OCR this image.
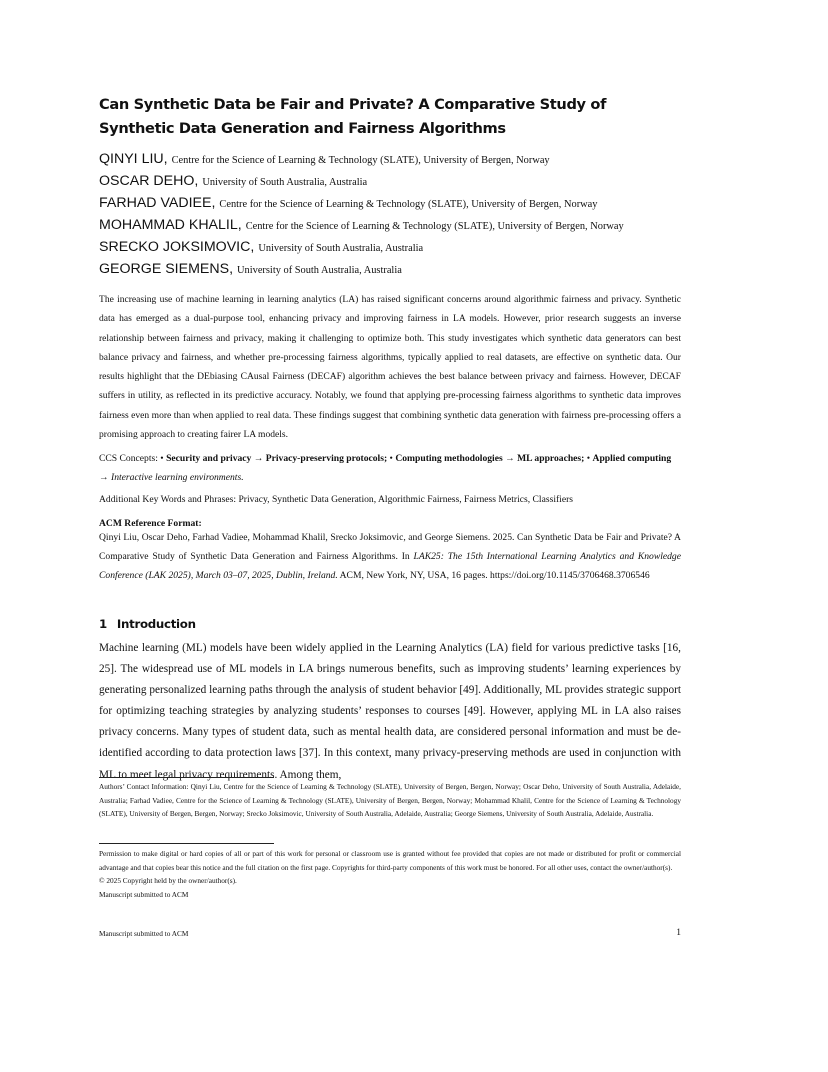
Can Synthetic Data be Fair and Private? A Comparative Study of Synthetic Data Generation and Fairness Algorithms
QINYI LIU, Centre for the Science of Learning & Technology (SLATE), University of Bergen, Norway
OSCAR DEHO, University of South Australia, Australia
FARHAD VADIEE, Centre for the Science of Learning & Technology (SLATE), University of Bergen, Norway
MOHAMMAD KHALIL, Centre for the Science of Learning & Technology (SLATE), University of Bergen, Norway
SRECKO JOKSIMOVIC, University of South Australia, Australia
GEORGE SIEMENS, University of South Australia, Australia

The increasing use of machine learning in learning analytics (LA) has raised significant concerns around algorithmic fairness and privacy. Synthetic data has emerged as a dual-purpose tool, enhancing privacy and improving fairness in LA models. However, prior research suggests an inverse relationship between fairness and privacy, making it challenging to optimize both. This study investigates which synthetic data generators can best balance privacy and fairness, and whether pre-processing fairness algorithms, typically applied to real datasets, are effective on synthetic data. Our results highlight that the DEbiasing CAusal Fairness (DECAF) algorithm achieves the best balance between privacy and fairness. However, DECAF suffers in utility, as reflected in its predictive accuracy. Notably, we found that applying pre-processing fairness algorithms to synthetic data improves fairness even more than when applied to real data. These findings suggest that combining synthetic data generation with fairness pre-processing offers a promising approach to creating fairer LA models.

CCS Concepts: • Security and privacy → Privacy-preserving protocols; • Computing methodologies → ML approaches; • Applied computing → Interactive learning environments.

Additional Key Words and Phrases: Privacy, Synthetic Data Generation, Algorithmic Fairness, Fairness Metrics, Classifiers

ACM Reference Format:

Qinyi Liu, Oscar Deho, Farhad Vadiee, Mohammad Khalil, Srecko Joksimovic, and George Siemens. 2025. Can Synthetic Data be Fair and Private? A Comparative Study of Synthetic Data Generation and Fairness Algorithms. In LAK25: The 15th International Learning Analytics and Knowledge Conference (LAK 2025), March 03–07, 2025, Dublin, Ireland. ACM, New York, NY, USA, 16 pages. https://doi.org/10.1145/3706468.3706546

1 Introduction

Machine learning (ML) models have been widely applied in the Learning Analytics (LA) field for various predictive tasks [16, 25]. The widespread use of ML models in LA brings numerous benefits, such as improving students’ learning experiences by generating personalized learning paths through the analysis of student behavior [49]. Additionally, ML provides strategic support for optimizing teaching strategies by analyzing students’ responses to courses [49]. However, applying ML in LA also raises privacy concerns. Many types of student data, such as mental health data, are considered personal information and must be de-identified according to data protection laws [37]. In this context, many privacy-preserving methods are used in conjunction with ML to meet legal privacy requirements. Among them,

Authors’ Contact Information: Qinyi Liu, Centre for the Science of Learning & Technology (SLATE), University of Bergen, Bergen, Norway; Oscar Deho, University of South Australia, Adelaide, Australia; Farhad Vadiee, Centre for the Science of Learning & Technology (SLATE), University of Bergen, Bergen, Norway; Mohammad Khalil, Centre for the Science of Learning & Technology (SLATE), University of Bergen, Bergen, Norway; Srecko Joksimovic, University of South Australia, Adelaide, Australia; George Siemens, University of South Australia, Adelaide, Australia.

Permission to make digital or hard copies of all or part of this work for personal or classroom use is granted without fee provided that copies are not made or distributed for profit or commercial advantage and that copies bear this notice and the full citation on the first page. Copyrights for third-party components of this work must be honored. For all other uses, contact the owner/author(s).
© 2025 Copyright held by the owner/author(s).
Manuscript submitted to ACM
Manuscript submitted to ACM	1
